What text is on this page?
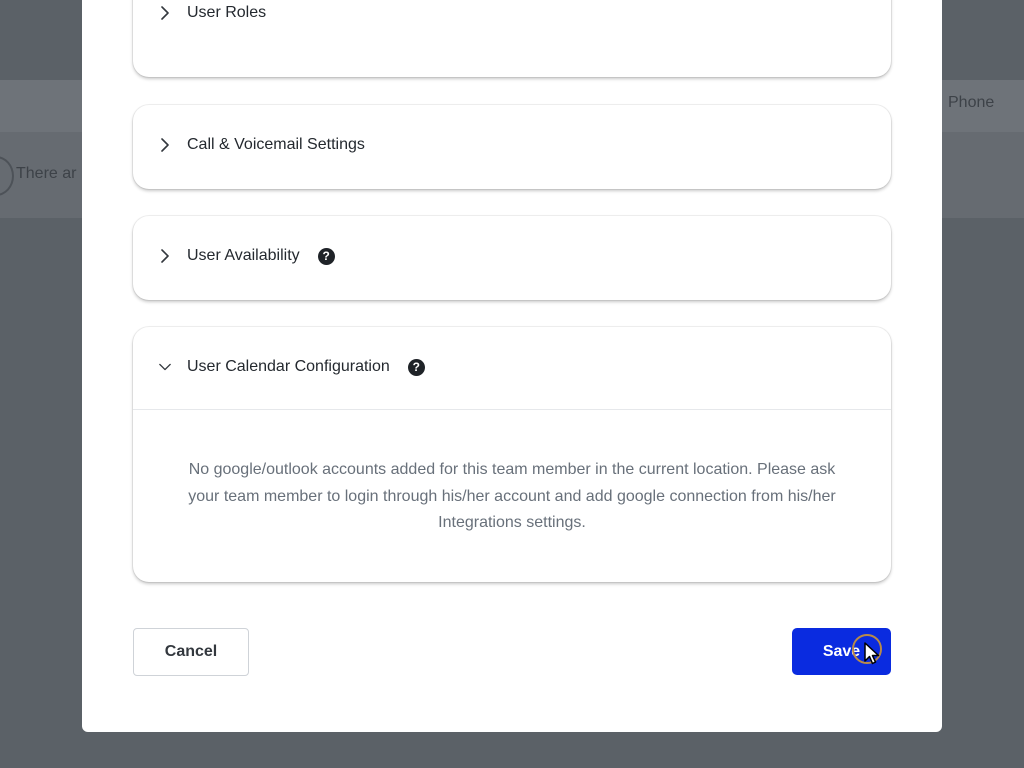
Phone
There ar
User Roles
Call & Voicemail Settings
User Availability	?
User Calendar Configuration	?
No google/outlook accounts added for this team member in the current location. Please ask your team member to login through his/her account and add google connection from his/her Integrations settings.
Cancel	Save
